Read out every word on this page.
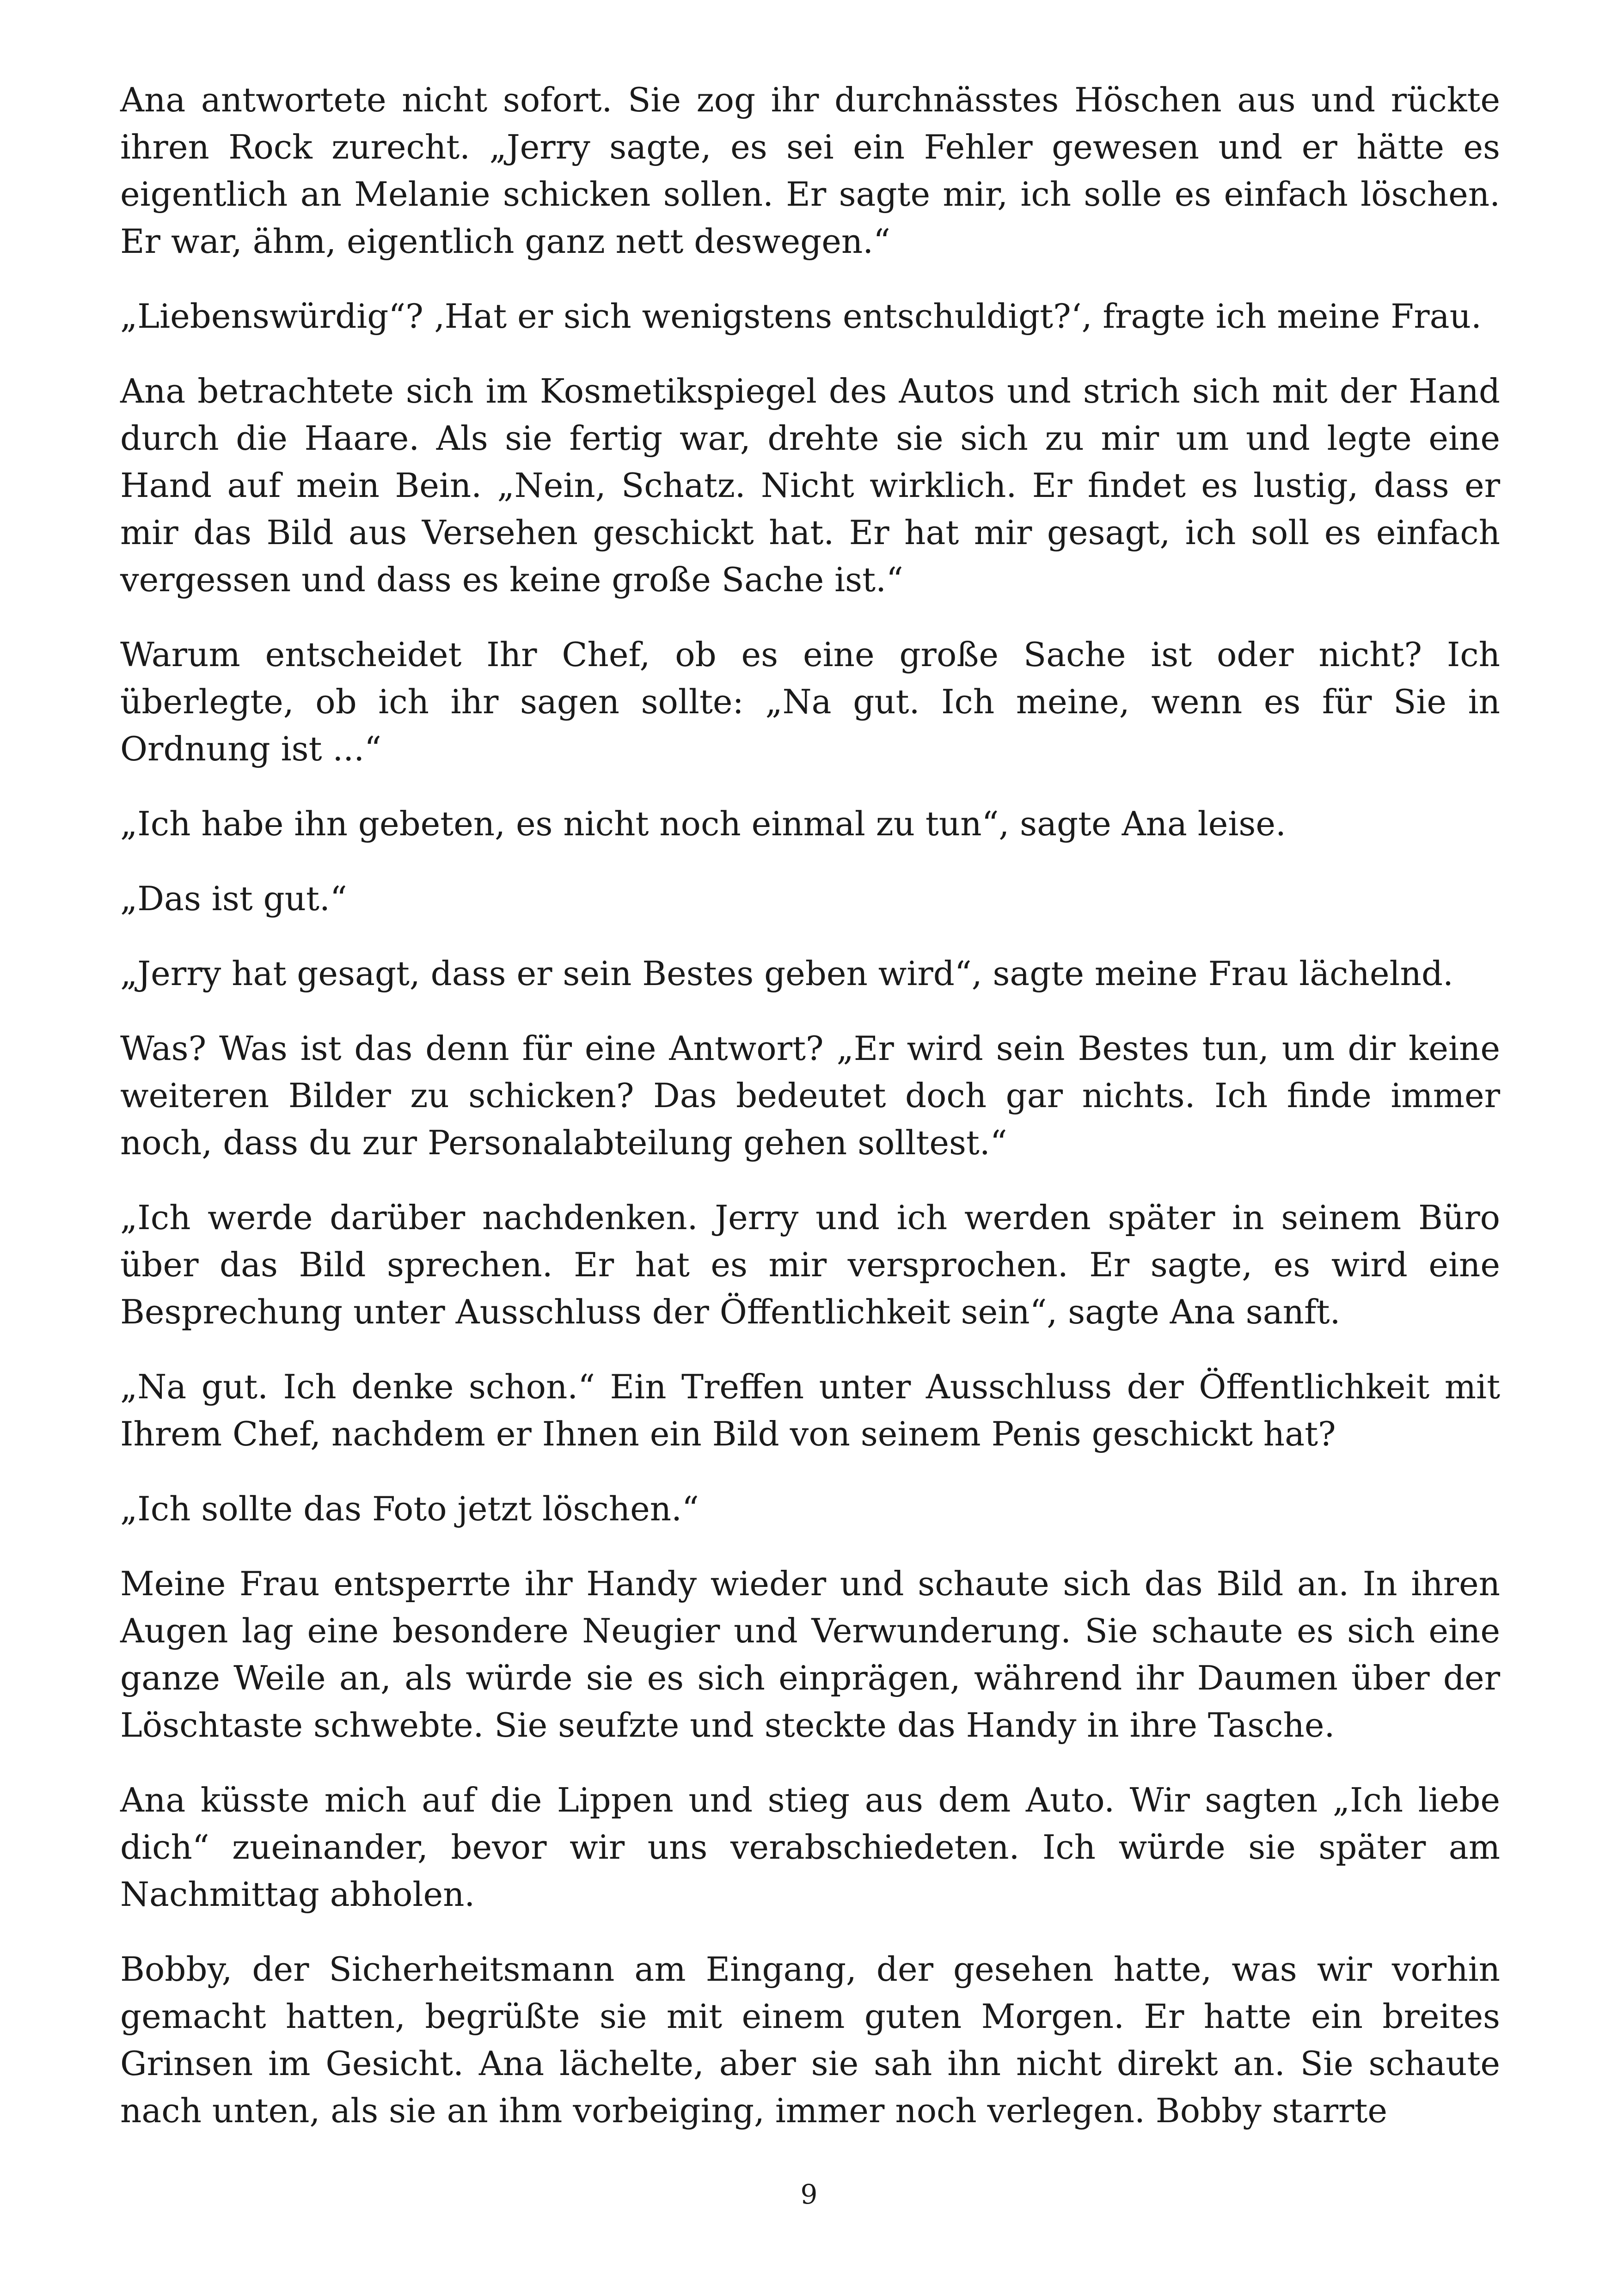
Ana antwortete nicht sofort. Sie zog ihr durchnässtes Höschen aus und rückte ihren Rock zurecht. „Jerry sagte, es sei ein Fehler gewesen und er hätte es eigentlich an Melanie schicken sollen. Er sagte mir, ich solle es einfach löschen. Er war, ähm, eigentlich ganz nett deswegen.“

„Liebenswürdig“? ‚Hat er sich wenigstens entschuldigt?‘, fragte ich meine Frau.

Ana betrachtete sich im Kosmetikspiegel des Autos und strich sich mit der Hand durch die Haare. Als sie fertig war, drehte sie sich zu mir um und legte eine Hand auf mein Bein. „Nein, Schatz. Nicht wirklich. Er findet es lustig, dass er mir das Bild aus Versehen geschickt hat. Er hat mir gesagt, ich soll es einfach vergessen und dass es keine große Sache ist.“

Warum entscheidet Ihr Chef, ob es eine große Sache ist oder nicht? Ich überlegte, ob ich ihr sagen sollte: „Na gut. Ich meine, wenn es für Sie in Ordnung ist ...“

„Ich habe ihn gebeten, es nicht noch einmal zu tun“, sagte Ana leise.

„Das ist gut.“

„Jerry hat gesagt, dass er sein Bestes geben wird“, sagte meine Frau lächelnd.

Was? Was ist das denn für eine Antwort? „Er wird sein Bestes tun, um dir keine weiteren Bilder zu schicken? Das bedeutet doch gar nichts. Ich finde immer noch, dass du zur Personalabteilung gehen solltest.“

„Ich werde darüber nachdenken. Jerry und ich werden später in seinem Büro über das Bild sprechen. Er hat es mir versprochen. Er sagte, es wird eine Besprechung unter Ausschluss der Öffentlichkeit sein“, sagte Ana sanft.

„Na gut. Ich denke schon.“ Ein Treffen unter Ausschluss der Öffentlichkeit mit Ihrem Chef, nachdem er Ihnen ein Bild von seinem Penis geschickt hat?

„Ich sollte das Foto jetzt löschen.“

Meine Frau entsperrte ihr Handy wieder und schaute sich das Bild an. In ihren Augen lag eine besondere Neugier und Verwunderung. Sie schaute es sich eine ganze Weile an, als würde sie es sich einprägen, während ihr Daumen über der Löschtaste schwebte. Sie seufzte und steckte das Handy in ihre Tasche.

Ana küsste mich auf die Lippen und stieg aus dem Auto. Wir sagten „Ich liebe dich“ zueinander, bevor wir uns verabschiedeten. Ich würde sie später am Nachmittag abholen.

Bobby, der Sicherheitsmann am Eingang, der gesehen hatte, was wir vorhin gemacht hatten, begrüßte sie mit einem guten Morgen. Er hatte ein breites Grinsen im Gesicht. Ana lächelte, aber sie sah ihn nicht direkt an. Sie schaute nach unten, als sie an ihm vorbeiging, immer noch verlegen. Bobby starrte

9
